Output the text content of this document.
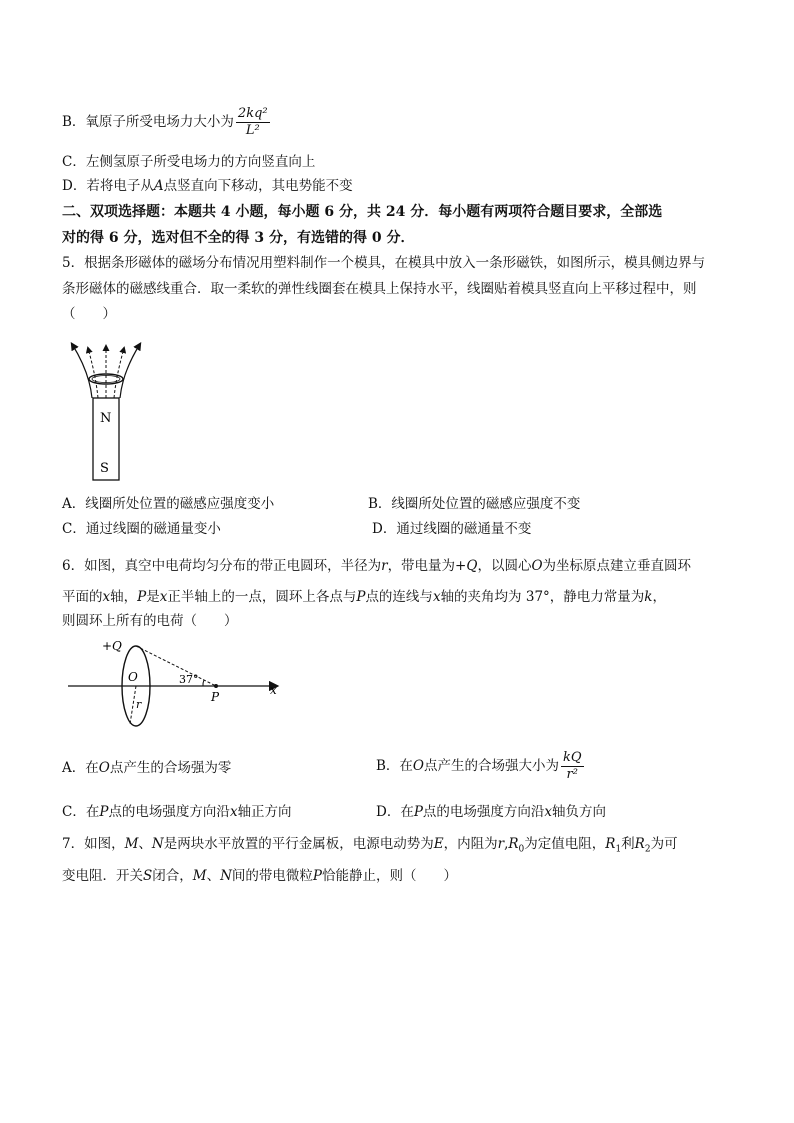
B．氧原子所受电场力大小为 $\frac{\text{2kq²}}{\text{L²}}$
C．左侧氢原子所受电场力的方向竖直向上
D．若将电子从A点竖直向下移动，其电势能不变
二、双项选择题：本题共 4 小题，每小题 6 分，共 24 分．每小题有两项符合题目要求，全部选
对的得 6 分，选对但不全的得 3 分，有选错的得 0 分．
5．根据条形磁体的磁场分布情况用塑料制作一个模具，在模具中放入一条形磁铁，如图所示，模具侧边界与
条形磁体的磁感线重合．取一柔软的弹性线圈套在模具上保持水平，线圈贴着模具竖直向上平移过程中，则
（　　）
N
S
A．线圈所处位置的磁感应强度变小	B．线圈所处位置的磁感应强度不变
C．通过线圈的磁通量变小	D．通过线圈的磁通量不变
6．如图，真空中电荷均匀分布的带正电圆环，半径为r，带电量为+Q，以圆心O为坐标原点建立垂直圆环
平面的x轴，P是x正半轴上的一点，圆环上各点与P点的连线与x轴的夹角均为 37°，静电力常量为k，
则圆环上所有的电荷（　　）
+Q
O	37°
P	x
r
A．在O点产生的合场强为零	B．在O点产生的合场强大小为 $\frac{kQ}{\text{r²}}$
C．在P点的电场强度方向沿x轴正方向	D．在P点的电场强度方向沿x轴负方向
7．如图，M、N是两块水平放置的平行金属板，电源电动势为E，内阻为$r,R_0$为定值电阻，$R_1$利$R_2$为可
变电阻．开关S闭合，M、N间的带电微粒P恰能静止，则（　　）
